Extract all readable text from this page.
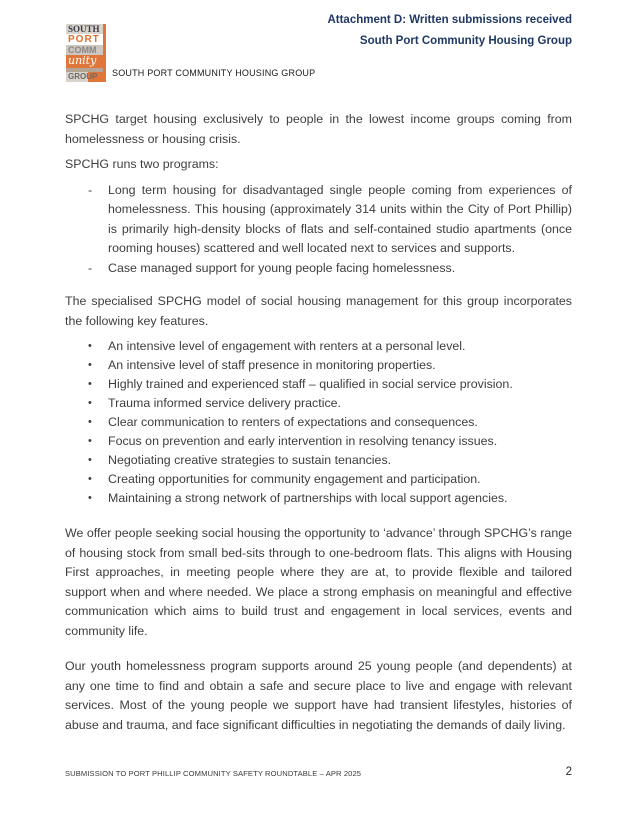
Attachment D: Written submissions received
South Port Community Housing Group
SOUTH
PORT
COMM
unity
GROUP	SOUTH PORT COMMUNITY HOUSING GROUP

SPCHG target housing exclusively to people in the lowest income groups coming from homelessness or housing crisis.

SPCHG runs two programs:

- Long term housing for disadvantaged single people coming from experiences of homelessness. This housing (approximately 314 units within the City of Port Phillip) is primarily high-density blocks of flats and self-contained studio apartments (once rooming houses) scattered and well located next to services and supports.
- Case managed support for young people facing homelessness.

The specialised SPCHG model of social housing management for this group incorporates the following key features.

• An intensive level of engagement with renters at a personal level.
• An intensive level of staff presence in monitoring properties.
• Highly trained and experienced staff – qualified in social service provision.
• Trauma informed service delivery practice.
• Clear communication to renters of expectations and consequences.
• Focus on prevention and early intervention in resolving tenancy issues.
• Negotiating creative strategies to sustain tenancies.
• Creating opportunities for community engagement and participation.
• Maintaining a strong network of partnerships with local support agencies.

We offer people seeking social housing the opportunity to ‘advance’ through SPCHG’s range of housing stock from small bed-sits through to one-bedroom flats. This aligns with Housing First approaches, in meeting people where they are at, to provide flexible and tailored support when and where needed. We place a strong emphasis on meaningful and effective communication which aims to build trust and engagement in local services, events and community life.

Our youth homelessness program supports around 25 young people (and dependents) at any one time to find and obtain a safe and secure place to live and engage with relevant services. Most of the young people we support have had transient lifestyles, histories of abuse and trauma, and face significant difficulties in negotiating the demands of daily living.

SUBMISSION TO PORT PHILLIP COMMUNITY SAFETY ROUNDTABLE – APR 2025	2
